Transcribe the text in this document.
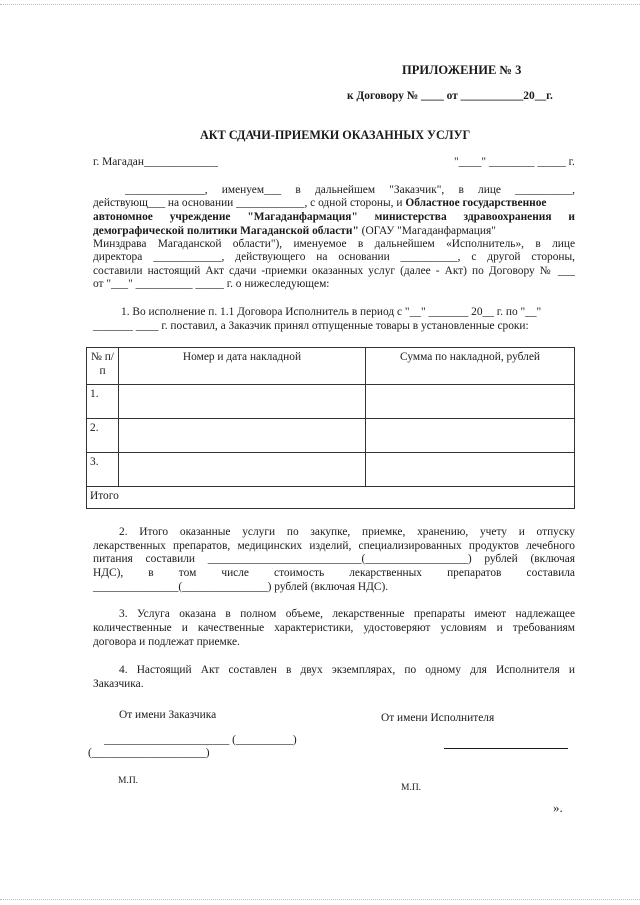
ПРИЛОЖЕНИЕ № 3
к Договору № ____ от ___________20__г.
АКТ СДАЧИ-ПРИЕМКИ ОКАЗАННЫХ УСЛУГ
г. Магадан_____________	"____" ________ _____ г.
______________, именуем___ в дальнейшем "Заказчик", в лице __________,
действующ___ на основании ____________, с одной стороны, и Областное государственное
автономное учреждение "Магаданфармация" министерства здравоохранения и
демографической политики Магаданской области" (ОГАУ "Магаданфармация"
Минздрава Магаданской области"), именуемое в дальнейшем «Исполнитель», в лице
директора ____________, действующего на основании __________, с другой стороны,
составили настоящий Акт сдачи -приемки оказанных услуг (далее - Акт) по Договору № ___
от "___" __________ _____ г. о нижеследующем:
1. Во исполнение п. 1.1 Договора Исполнитель в период с "__" _______ 20__ г. по "__"
_______ ____ г. поставил, а Заказчик принял отпущенные товары в установленные сроки:
№ п/п	Номер и дата накладной	Сумма по накладной, рублей
1.		
2.		
3.		
Итого		
2. Итого оказанные услуги по закупке, приемке, хранению, учету и отпуску
лекарственных препаратов, медицинских изделий, специализированных продуктов лечебного
питания составили ___________________________(__________________) рублей (включая
НДС), в том числе стоимость лекарственных препаратов составила
_______________(_______________) рублей (включая НДС).
3. Услуга оказана в полном объеме, лекарственные препараты имеют надлежащее
количественные и качественные характеристики, удостоверяют условиям и требованиям
договора и подлежат приемке.
4. Настоящий Акт составлен в двух экземплярах, по одному для Исполнителя и
Заказчика.
От имени Заказчика	От имени Исполнителя
______________________ (__________)
(____________________)
М.П.
М.П.
».
